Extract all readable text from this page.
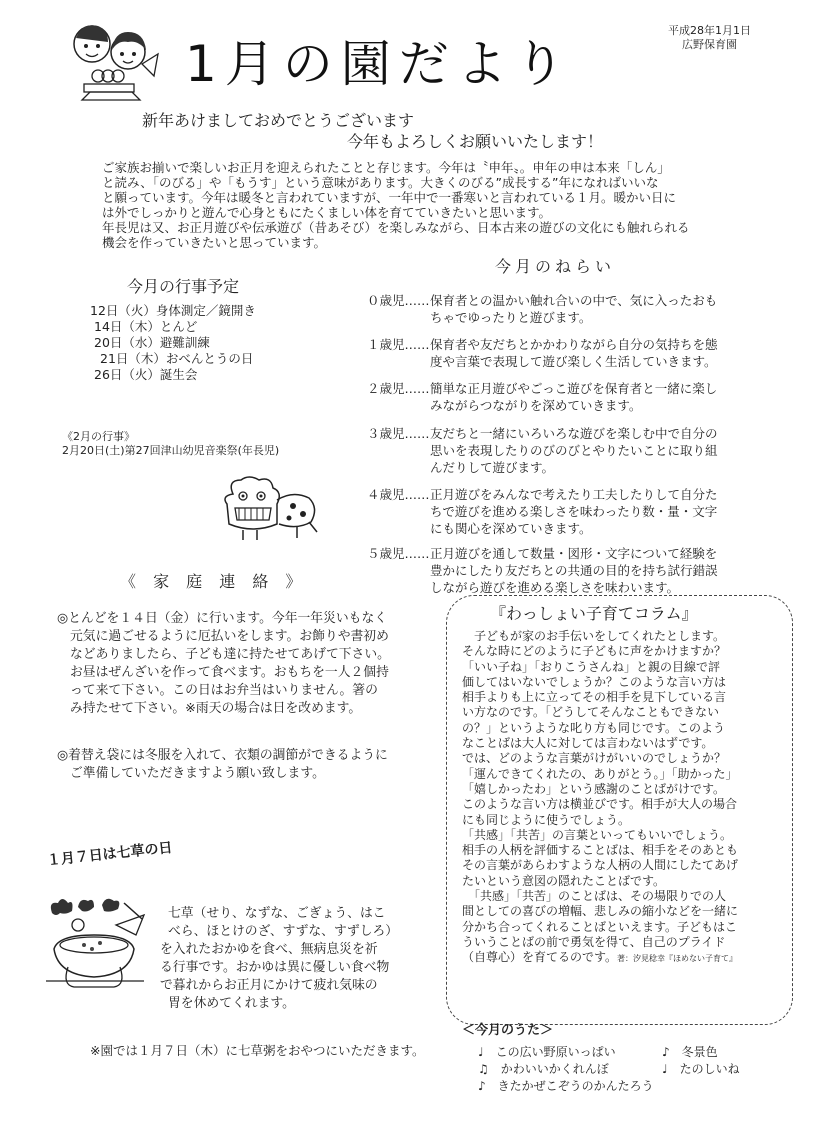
1月の園だより
平成28年1月1日
広野保育園
新年あけましておめでとうございます
今年もよろしくお願いいたします！
ご家族お揃いで楽しいお正月を迎えられたことと存じます。今年は〝申年〟。申年の申は本来「しん」
と読み、「のびる」や「もうす」という意味があります。大きくのびる”成長する”年になればいいな
と願っています。今年は暖冬と言われていますが、一年中で一番寒いと言われている１月。暖かい日に
は外でしっかりと遊んで心身ともにたくましい体を育てていきたいと思います。
年長児は又、お正月遊びや伝承遊び（昔あそび）を楽しみながら、日本古来の遊びの文化にも触れられる
機会を作っていきたいと思っています。
今月の行事予定
12日（火）身体測定／鏡開き
14日（木）とんど
20日（水）避難訓練
21日（木）おべんとうの日
26日（火）誕生会
《2月の行事》
2月20日(土)第27回津山幼児音楽祭(年長児)
今月のねらい
０歳児…… 保育者との温かい触れ合いの中で、気に入ったおも
ちゃでゆったりと遊びます。
１歳児…… 保育者や友だちとかかわりながら自分の気持ちを態
度や言葉で表現して遊び楽しく生活していきます。
２歳児…… 簡単な正月遊びやごっこ遊びを保育者と一緒に楽し
みながらつながりを深めていきます。
３歳児…… 友だちと一緒にいろいろな遊びを楽しむ中で自分の
思いを表現したりのびのびとやりたいことに取り組
んだりして遊びます。
４歳児…… 正月遊びをみんなで考えたり工夫したりして自分た
ちで遊びを進める楽しさを味わったり数・量・文字
にも関心を深めていきます。
５歳児…… 正月遊びを通して数量・図形・文字について経験を
豊かにしたり友だちとの共通の目的を持ち試行錯誤
しながら遊びを進める楽しさを味わいます。
《 家 庭 連 絡 》
◎とんどを１４日（金）に行います。今年一年災いもなく
元気に過ごせるように厄払いをします。お飾りや書初め
などありましたら、子ども達に持たせてあげて下さい。
お昼はぜんざいを作って食べます。おもちを一人２個持
って来て下さい。この日はお弁当はいりません。箸の
み持たせて下さい。※雨天の場合は日を改めます。
◎着替え袋には冬服を入れて、衣類の調節ができるように
ご準備していただきますよう願い致します。
『わっしょい子育てコラム』
　子どもが家のお手伝いをしてくれたとします。
そんな時にどのように子どもに声をかけますか？
「いい子ね」「おりこうさんね」と親の目線で評
価してはいないでしょうか？このような言い方は
相手よりも上に立ってその相手を見下している言
い方なのです。「どうしてそんなこともできない
の？」というような叱り方も同じです。このよう
なことばは大人に対しては言わないはずです。
では、どのような言葉がけがいいのでしょうか？
「運んできてくれたの、ありがとう。」「助かった」
「嬉しかったわ」という感謝のことばがけです。
このような言い方は横並びです。相手が大人の場合
にも同じように使うでしょう。
「共感」「共苦」の言葉といってもいいでしょう。
相手の人柄を評価することばは、相手をそのあとも
その言葉があらわすような人柄の人間にしたてあげ
たいという意図の隠れたことばです。
　「共感」「共苦」のことばは、その場限りでの人
間としての喜びの増幅、悲しみの縮小などを一緒に
分かち合ってくれることばといえます。子どもはこ
ういうことばの前で勇気を得て、自己のプライド
（自尊心）を育てるのです。著：汐見稔幸『ほめない子育て』
１月７日は七草の日
七草（せり、なずな、ごぎょう、はこ
べら、ほとけのざ、すずな、すずしろ）
を入れたおかゆを食べ、無病息災を祈
る行事です。おかゆは異に優しい食べ物
で暮れからお正月にかけて疲れ気味の
胃を休めてくれます。
※園では１月７日（木）に七草粥をおやつにいただきます。
＜今月のうた＞
♩　この広い野原いっぱい	♪　冬景色
♫　かわいいかくれんぼ	♩　たのしいね
♪　きたかぜこぞうのかんたろう
